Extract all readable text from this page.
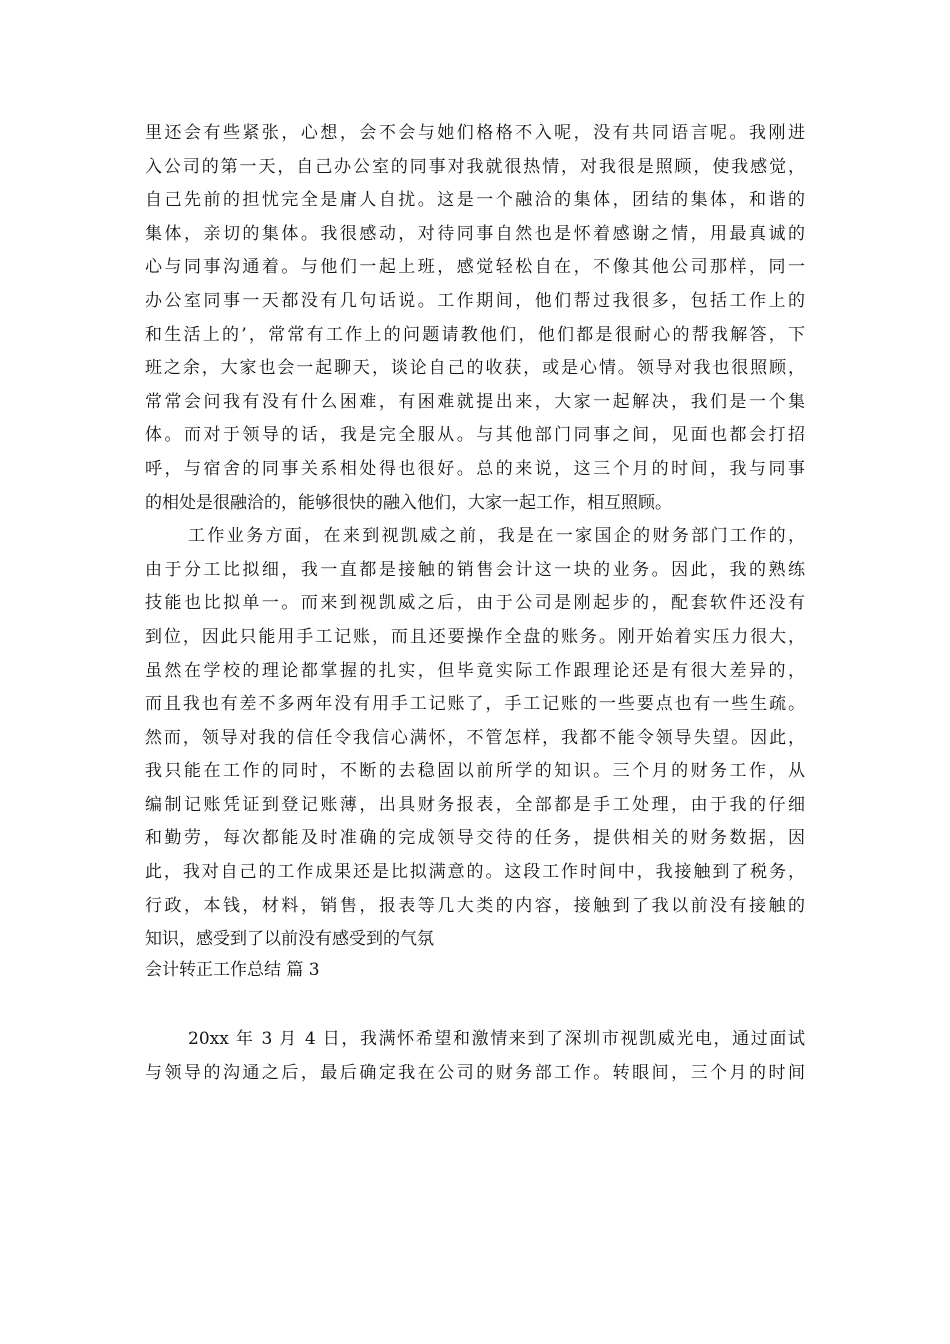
里还会有些紧张，心想，会不会与她们格格不入呢，没有共同语言呢。我刚进
入公司的第一天，自己办公室的同事对我就很热情，对我很是照顾，使我感觉，
自己先前的担忧完全是庸人自扰。这是一个融洽的集体，团结的集体，和谐的
集体，亲切的集体。我很感动，对待同事自然也是怀着感谢之情，用最真诚的
心与同事沟通着。与他们一起上班，感觉轻松自在，不像其他公司那样，同一
办公室同事一天都没有几句话说。工作期间，他们帮过我很多，包括工作上的
和生活上的’，常常有工作上的问题请教他们，他们都是很耐心的帮我解答，下
班之余，大家也会一起聊天，谈论自己的收获，或是心情。领导对我也很照顾，
常常会问我有没有什么困难，有困难就提出来，大家一起解决，我们是一个集
体。而对于领导的话，我是完全服从。与其他部门同事之间，见面也都会打招
呼，与宿舍的同事关系相处得也很好。总的来说，这三个月的时间，我与同事
的相处是很融洽的，能够很快的融入他们，大家一起工作，相互照顾。
工作业务方面，在来到视凯威之前，我是在一家国企的财务部门工作的，
由于分工比拟细，我一直都是接触的销售会计这一块的业务。因此，我的熟练
技能也比拟单一。而来到视凯威之后，由于公司是刚起步的，配套软件还没有
到位，因此只能用手工记账，而且还要操作全盘的账务。刚开始着实压力很大，
虽然在学校的理论都掌握的扎实，但毕竟实际工作跟理论还是有很大差异的，
而且我也有差不多两年没有用手工记账了，手工记账的一些要点也有一些生疏。
然而，领导对我的信任令我信心满怀，不管怎样，我都不能令领导失望。因此，
我只能在工作的同时，不断的去稳固以前所学的知识。三个月的财务工作，从
编制记账凭证到登记账薄，出具财务报表，全部都是手工处理，由于我的仔细
和勤劳，每次都能及时准确的完成领导交待的任务，提供相关的财务数据，因
此，我对自己的工作成果还是比拟满意的。这段工作时间中，我接触到了税务，
行政，本钱，材料，销售，报表等几大类的内容，接触到了我以前没有接触的
知识，感受到了以前没有感受到的气氛
会计转正工作总结 篇 3
20xx 年 3 月 4 日，我满怀希望和激情来到了深圳市视凯威光电，通过面试
与领导的沟通之后，最后确定我在公司的财务部工作。转眼间，三个月的时间
